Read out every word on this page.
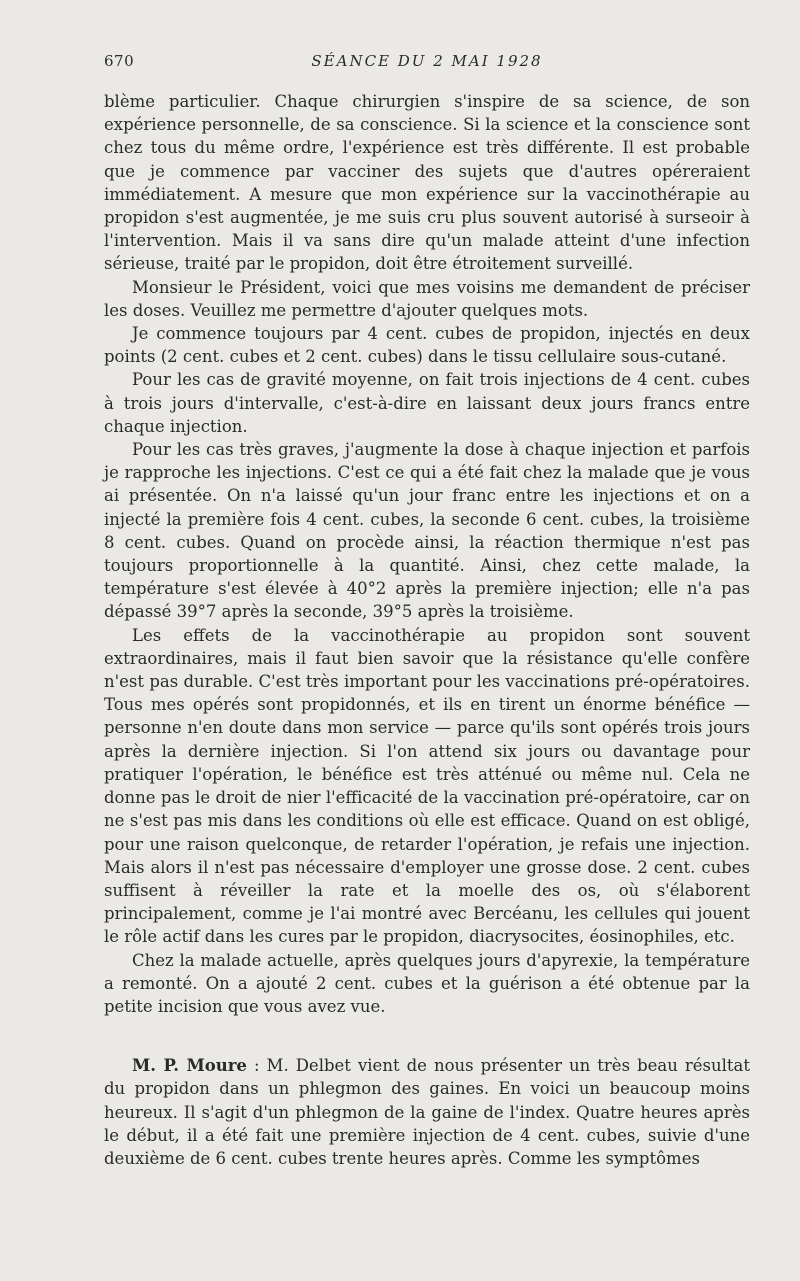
670	SÉANCE DU 2 MAI 1928

blème particulier. Chaque chirurgien s'inspire de sa science, de son expérience personnelle, de sa conscience. Si la science et la conscience sont chez tous du même ordre, l'expérience est très différente. Il est probable que je commence par vacciner des sujets que d'autres opéreraient immédiatement. A mesure que mon expérience sur la vaccinothérapie au propidon s'est augmentée, je me suis cru plus souvent autorisé à surseoir à l'intervention. Mais il va sans dire qu'un malade atteint d'une infection sérieuse, traité par le propidon, doit être étroitement surveillé.

Monsieur le Président, voici que mes voisins me demandent de préciser les doses. Veuillez me permettre d'ajouter quelques mots.

Je commence toujours par 4 cent. cubes de propidon, injectés en deux points (2 cent. cubes et 2 cent. cubes) dans le tissu cellulaire sous-cutané.

Pour les cas de gravité moyenne, on fait trois injections de 4 cent. cubes à trois jours d'intervalle, c'est-à-dire en laissant deux jours francs entre chaque injection.

Pour les cas très graves, j'augmente la dose à chaque injection et parfois je rapproche les injections. C'est ce qui a été fait chez la malade que je vous ai présentée. On n'a laissé qu'un jour franc entre les injections et on a injecté la première fois 4 cent. cubes, la seconde 6 cent. cubes, la troisième 8 cent. cubes. Quand on procède ainsi, la réaction thermique n'est pas toujours proportionnelle à la quantité. Ainsi, chez cette malade, la température s'est élevée à 40°2 après la première injection; elle n'a pas dépassé 39°7 après la seconde, 39°5 après la troisième.

Les effets de la vaccinothérapie au propidon sont souvent extraordinaires, mais il faut bien savoir que la résistance qu'elle confère n'est pas durable. C'est très important pour les vaccinations pré-opératoires. Tous mes opérés sont propidonnés, et ils en tirent un énorme bénéfice — personne n'en doute dans mon service — parce qu'ils sont opérés trois jours après la dernière injection. Si l'on attend six jours ou davantage pour pratiquer l'opération, le bénéfice est très atténué ou même nul. Cela ne donne pas le droit de nier l'efficacité de la vaccination pré-opératoire, car on ne s'est pas mis dans les conditions où elle est efficace. Quand on est obligé, pour une raison quelconque, de retarder l'opération, je refais une injection. Mais alors il n'est pas nécessaire d'employer une grosse dose. 2 cent. cubes suffisent à réveiller la rate et la moelle des os, où s'élaborent principalement, comme je l'ai montré avec Bercéanu, les cellules qui jouent le rôle actif dans les cures par le propidon, diacrysocites, éosinophiles, etc.

Chez la malade actuelle, après quelques jours d'apyrexie, la température a remonté. On a ajouté 2 cent. cubes et la guérison a été obtenue par la petite incision que vous avez vue.

M. P. Moure : M. Delbet vient de nous présenter un très beau résultat du propidon dans un phlegmon des gaines. En voici un beaucoup moins heureux. Il s'agit d'un phlegmon de la gaine de l'index. Quatre heures après le début, il a été fait une première injection de 4 cent. cubes, suivie d'une deuxième de 6 cent. cubes trente heures après. Comme les symptômes
